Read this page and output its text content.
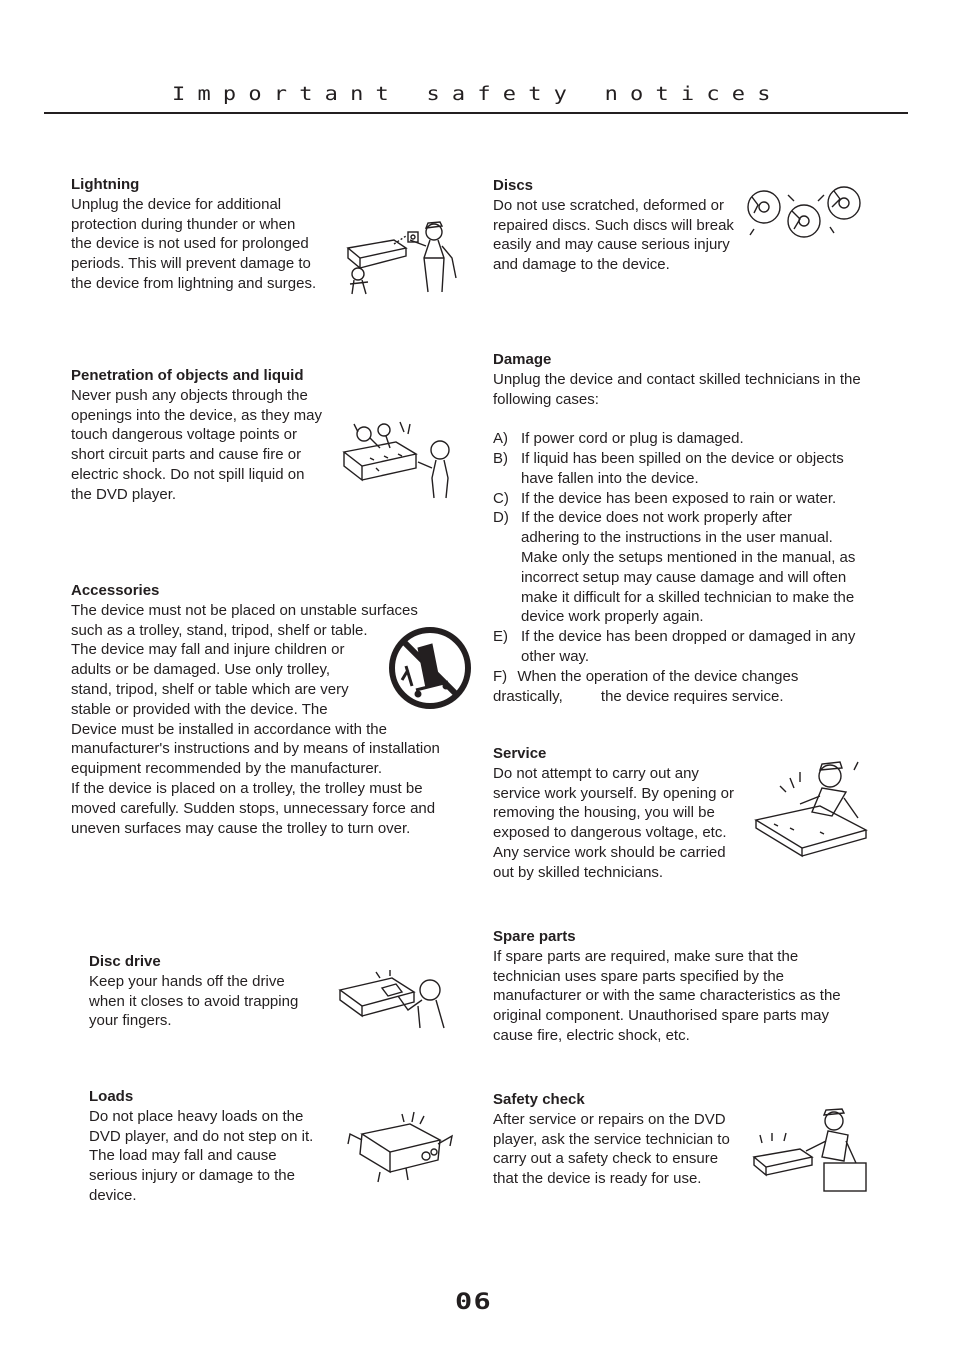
Important safety notices
Lightning

Unplug the device for additional
protection during thunder or when
the device is not used for prolonged
periods. This will prevent damage to
the device from lightning and surges.

Penetration of objects and liquid

Never push any objects through the
openings into the device, as they may
touch dangerous voltage points or
short circuit parts and cause fire or
electric shock. Do not spill liquid on
the DVD player.

Accessories

The device must not be placed on unstable surfaces
such as a trolley, stand, tripod, shelf or table.
The device may fall and injure children or
adults or be damaged. Use only trolley,
stand, tripod, shelf or table which are very
stable or provided with the device. The
Device must be installed in accordance with the
manufacturer's instructions and by means of installation
equipment recommended by the manufacturer.
If the device is placed on a trolley, the trolley must be
moved carefully. Sudden stops, unnecessary force and
uneven surfaces may cause the trolley to turn over.

Disc drive

Keep your hands off the drive
when it closes to avoid trapping
your fingers.

Loads

Do not place heavy loads on the
DVD player, and do not step on it.
The load may fall and cause
serious injury or damage to the
device.

Discs

Do not use scratched, deformed or
repaired discs. Such discs will break
easily and may cause serious injury
and damage to the device.

Damage

Unplug the device and contact skilled technicians in the
following cases:

A) If power cord or plug is damaged.

B) If liquid has been spilled on the device or objects
have fallen into the device.

C) If the device has been exposed to rain or water.

D) If the device does not work properly after
adhering to the instructions in the user manual.
Make only the setups mentioned in the manual, as
incorrect setup may cause damage and will often
make it difficult for a skilled technician to make the
device work properly again.

E) If the device has been dropped or damaged in any
other way.

F) When the operation of the device changes
drastically,	the device requires service.
Service

Do not attempt to carry out any
service work yourself. By opening or
removing the housing, you will be
exposed to dangerous voltage, etc.
Any service work should be carried
out by skilled technicians.

Spare parts

If spare parts are required, make sure that the
technician uses spare parts specified by the
manufacturer or with the same characteristics as the
original component. Unauthorised spare parts may
cause fire, electric shock, etc.

Safety check

After service or repairs on the DVD
player, ask the service technician to
carry out a safety check to ensure
that the device is ready for use.

06
